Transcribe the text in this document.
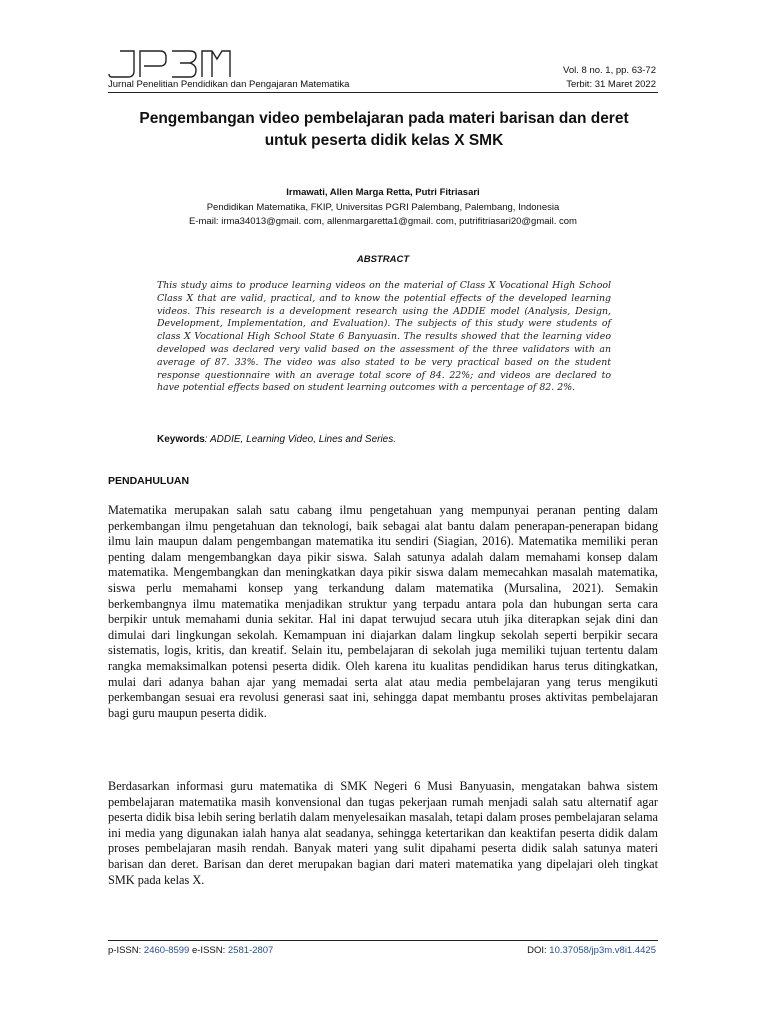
Jurnal Penelitian Pendidikan dan Pengajaran Matematika
Vol. 8 no. 1, pp. 63-72
Terbit: 31 Maret 2022
Pengembangan video pembelajaran pada materi barisan dan deret untuk peserta didik kelas X SMK
Irmawati, Allen Marga Retta, Putri Fitriasari
Pendidikan Matematika, FKIP, Universitas PGRI Palembang, Palembang, Indonesia
E-mail: irma34013@gmail. com, allenmargaretta1@gmail. com, putrifitriasari20@gmail. com
ABSTRACT
This study aims to produce learning videos on the material of Class X Vocational High School Class X that are valid, practical, and to know the potential effects of the developed learning videos. This research is a development research using the ADDIE model (Analysis, Design, Development, Implementation, and Evaluation). The subjects of this study were students of class X Vocational High School State 6 Banyuasin. The results showed that the learning video developed was declared very valid based on the assessment of the three validators with an average of 87. 33%. The video was also stated to be very practical based on the student response questionnaire with an average total score of 84. 22%; and videos are declared to have potential effects based on student learning outcomes with a percentage of 82. 2%.
Keywords: ADDIE, Learning Video, Lines and Series.
PENDAHULUAN
Matematika merupakan salah satu cabang ilmu pengetahuan yang mempunyai peranan penting dalam perkembangan ilmu pengetahuan dan teknologi, baik sebagai alat bantu dalam penerapan-penerapan bidang ilmu lain maupun dalam pengembangan matematika itu sendiri (Siagian, 2016). Matematika memiliki peran penting dalam mengembangkan daya pikir siswa. Salah satunya adalah dalam memahami konsep dalam matematika. Mengembangkan dan meningkatkan daya pikir siswa dalam memecahkan masalah matematika, siswa perlu memahami konsep yang terkandung dalam matematika (Mursalina, 2021). Semakin berkembangnya ilmu matematika menjadikan struktur yang terpadu antara pola dan hubungan serta cara berpikir untuk memahami dunia sekitar. Hal ini dapat terwujud secara utuh jika diterapkan sejak dini dan dimulai dari lingkungan sekolah. Kemampuan ini diajarkan dalam lingkup sekolah seperti berpikir secara sistematis, logis, kritis, dan kreatif. Selain itu, pembelajaran di sekolah juga memiliki tujuan tertentu dalam rangka memaksimalkan potensi peserta didik. Oleh karena itu kualitas pendidikan harus terus ditingkatkan, mulai dari adanya bahan ajar yang memadai serta alat atau media pembelajaran yang terus mengikuti perkembangan sesuai era revolusi generasi saat ini, sehingga dapat membantu proses aktivitas pembelajaran bagi guru maupun peserta didik.
Berdasarkan informasi guru matematika di SMK Negeri 6 Musi Banyuasin, mengatakan bahwa sistem pembelajaran matematika masih konvensional dan tugas pekerjaan rumah menjadi salah satu alternatif agar peserta didik bisa lebih sering berlatih dalam menyelesaikan masalah, tetapi dalam proses pembelajaran selama ini media yang digunakan ialah hanya alat seadanya, sehingga ketertarikan dan keaktifan peserta didik dalam proses pembelajaran masih rendah. Banyak materi yang sulit dipahami peserta didik salah satunya materi barisan dan deret. Barisan dan deret merupakan bagian dari materi matematika yang dipelajari oleh tingkat SMK pada kelas X.
p-ISSN: 2460-8599 e-ISSN: 2581-2807	DOI: 10.37058/jp3m.v8i1.4425
